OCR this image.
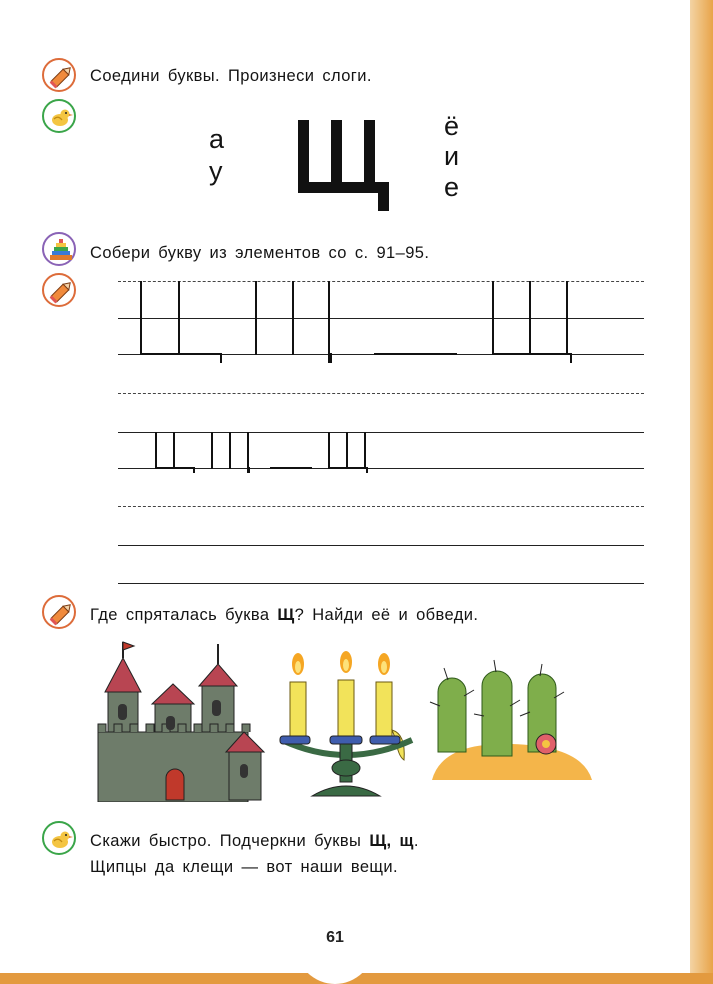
Соедини буквы. Произнеси слоги.
а
у
ё
и
е
Собери букву из элементов со с. 91–95.
Где спряталась буква Щ? Найди её и обведи.
Скажи быстро. Подчеркни буквы Щ, щ.
Щипцы да клещи — вот наши вещи.
61
